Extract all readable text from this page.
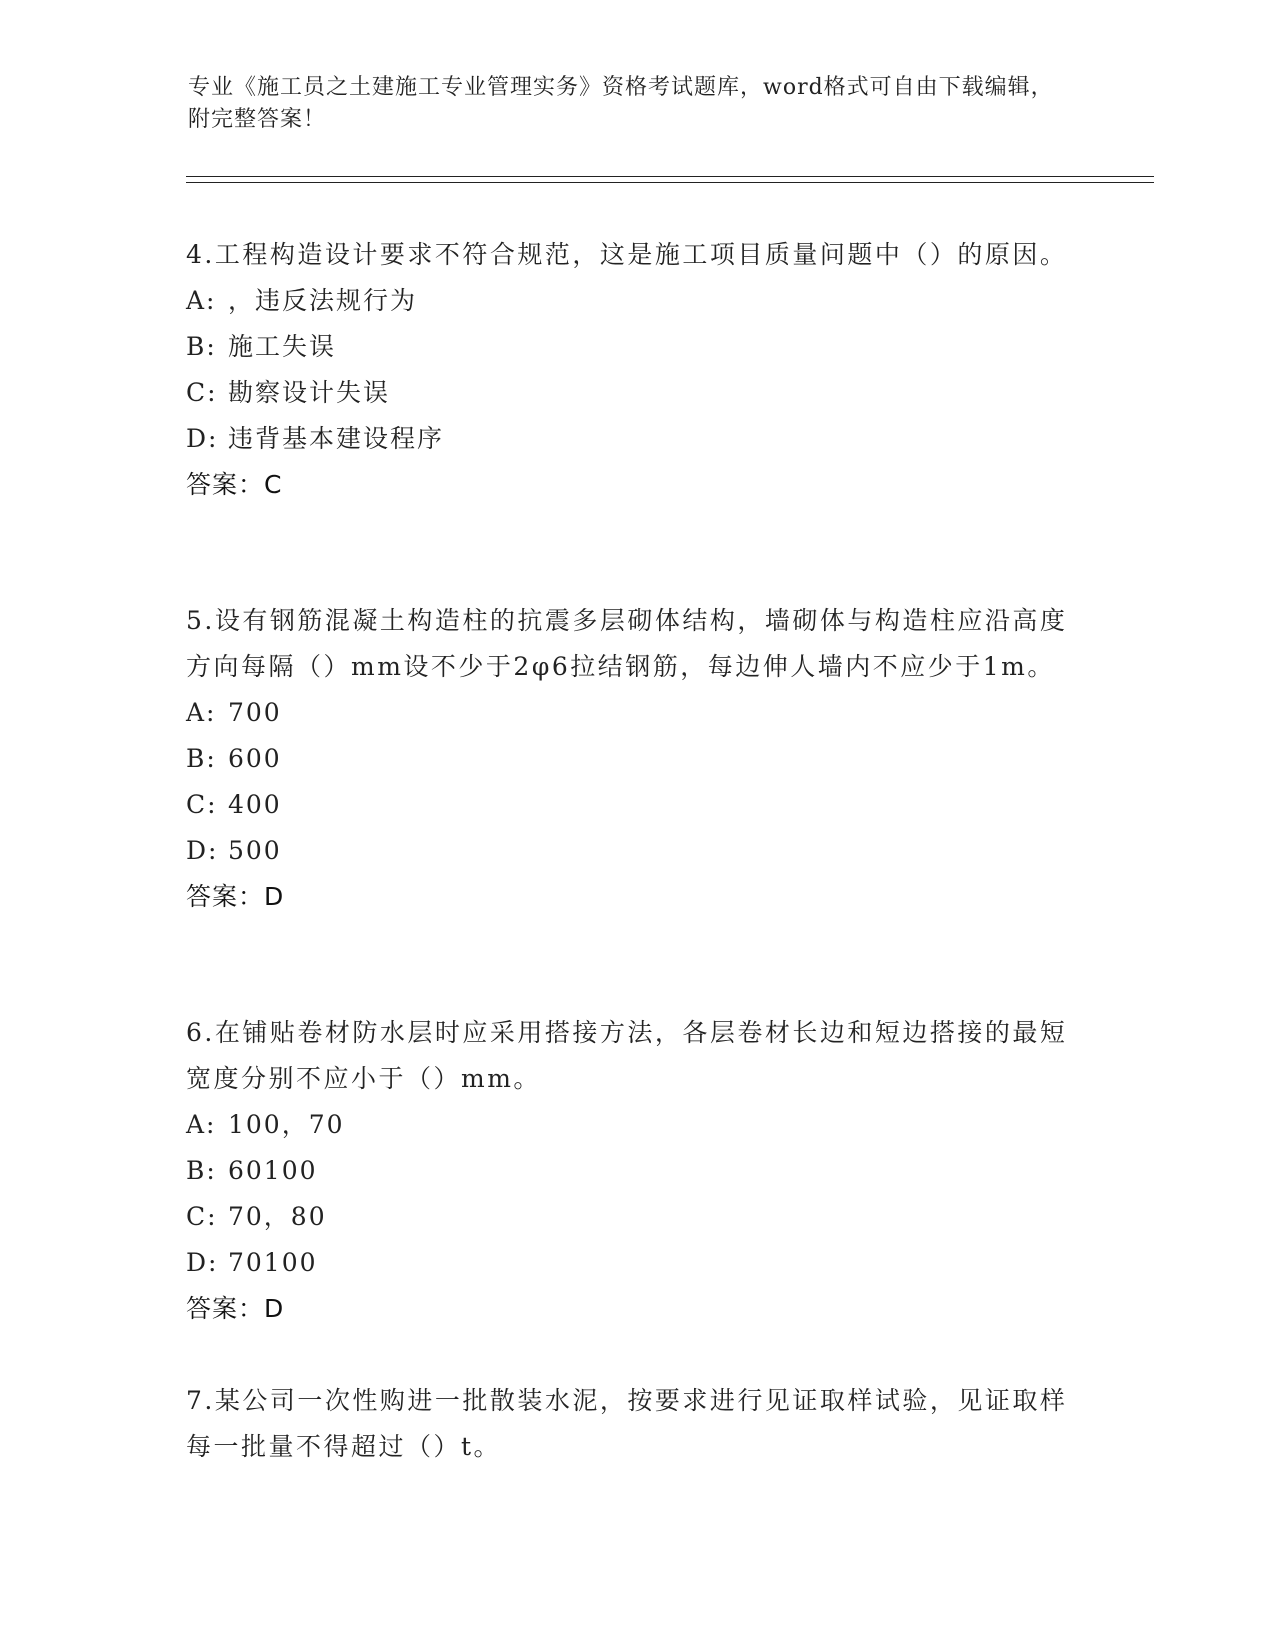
专业《施工员之土建施工专业管理实务》资格考试题库，word格式可自由下载编辑，附完整答案！

4.工程构造设计要求不符合规范，这是施工项目质量问题中（）的原因。

A: ，违反法规行为

B: 施工失误

C: 勘察设计失误

D: 违背基本建设程序

答案：C

5.设有钢筋混凝土构造柱的抗震多层砌体结构，墙砌体与构造柱应沿高度方向每隔（）mm设不少于2φ6拉结钢筋，每边伸人墙内不应少于1m。

A: 700

B: 600

C: 400

D: 500

答案：D

6.在铺贴卷材防水层时应采用搭接方法，各层卷材长边和短边搭接的最短宽度分别不应小于（）mm。

A: 100，70

B: 60100

C: 70，80

D: 70100

答案：D

7.某公司一次性购进一批散装水泥，按要求进行见证取样试验，见证取样每一批量不得超过（）t。
